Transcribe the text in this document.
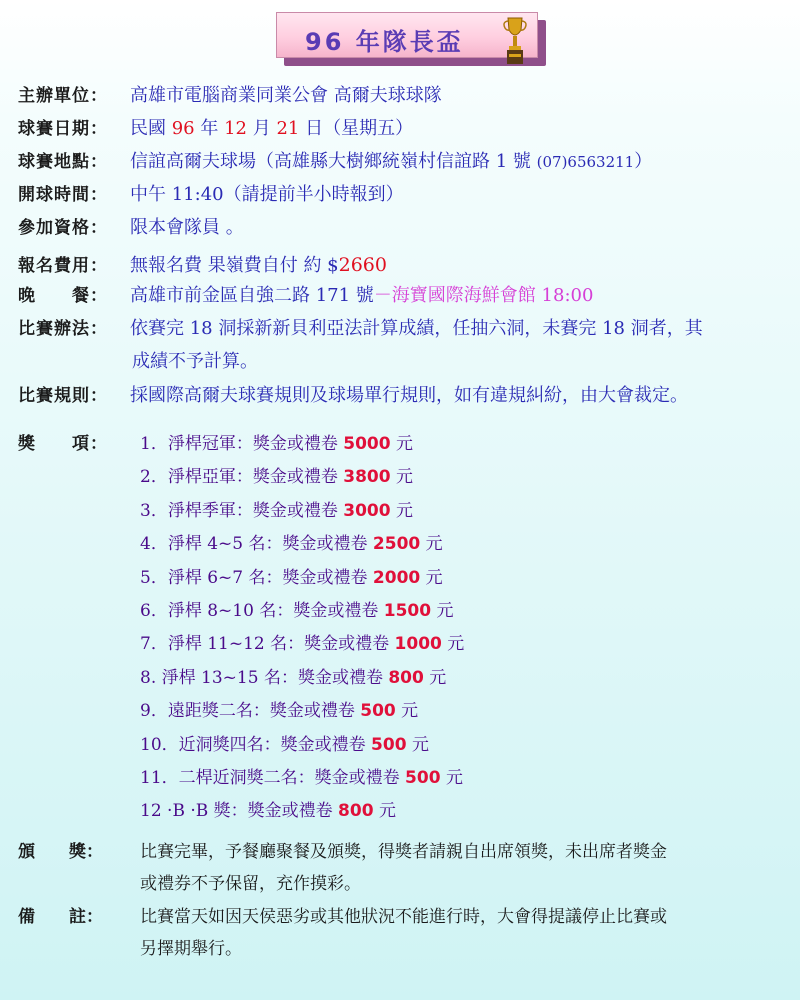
96 年隊長盃
主辦單位： 高雄市電腦商業同業公會 高爾夫球球隊
球賽日期： 民國 96 年 12 月 21 日（星期五）
球賽地點： 信誼高爾夫球場（高雄縣大樹鄉統嶺村信誼路 1 號 (07)6563211）
開球時間： 中午 11:40（請提前半小時報到）
參加資格： 限本會隊員 。
報名費用： 無報名費 果嶺費自付 約 $2660
晚　　餐： 高雄市前金區自強二路 171 號－海寶國際海鮮會館 18:00
比賽辦法： 依賽完 18 洞採新新貝利亞法計算成績，任抽六洞，未賽完 18 洞者，其
成績不予計算。
比賽規則： 採國際高爾夫球賽規則及球場單行規則，如有違規糾紛，由大會裁定。
獎　　項：	1．淨桿冠軍：獎金或禮卷 5000 元
2．淨桿亞軍：獎金或禮卷 3800 元
3．淨桿季軍：獎金或禮卷 3000 元
4．淨桿 4~5 名：獎金或禮卷 2500 元
5．淨桿 6~7 名：獎金或禮卷 2000 元
6．淨桿 8~10 名：獎金或禮卷 1500 元
7．淨桿 11~12 名：獎金或禮卷 1000 元
8. 淨桿 13~15 名：獎金或禮卷 800 元
9．遠距獎二名：獎金或禮卷 500 元
10．近洞獎四名：獎金或禮卷 500 元
11．二桿近洞獎二名：獎金或禮卷 500 元
12 ·B ·B 獎：獎金或禮卷 800 元
頒　　獎： 比賽完畢，予餐廳聚餐及頒獎，得獎者請親自出席領獎，未出席者獎金
或禮券不予保留，充作摸彩。
備　　註： 比賽當天如因天侯惡劣或其他狀況不能進行時，大會得提議停止比賽或
另擇期舉行。
